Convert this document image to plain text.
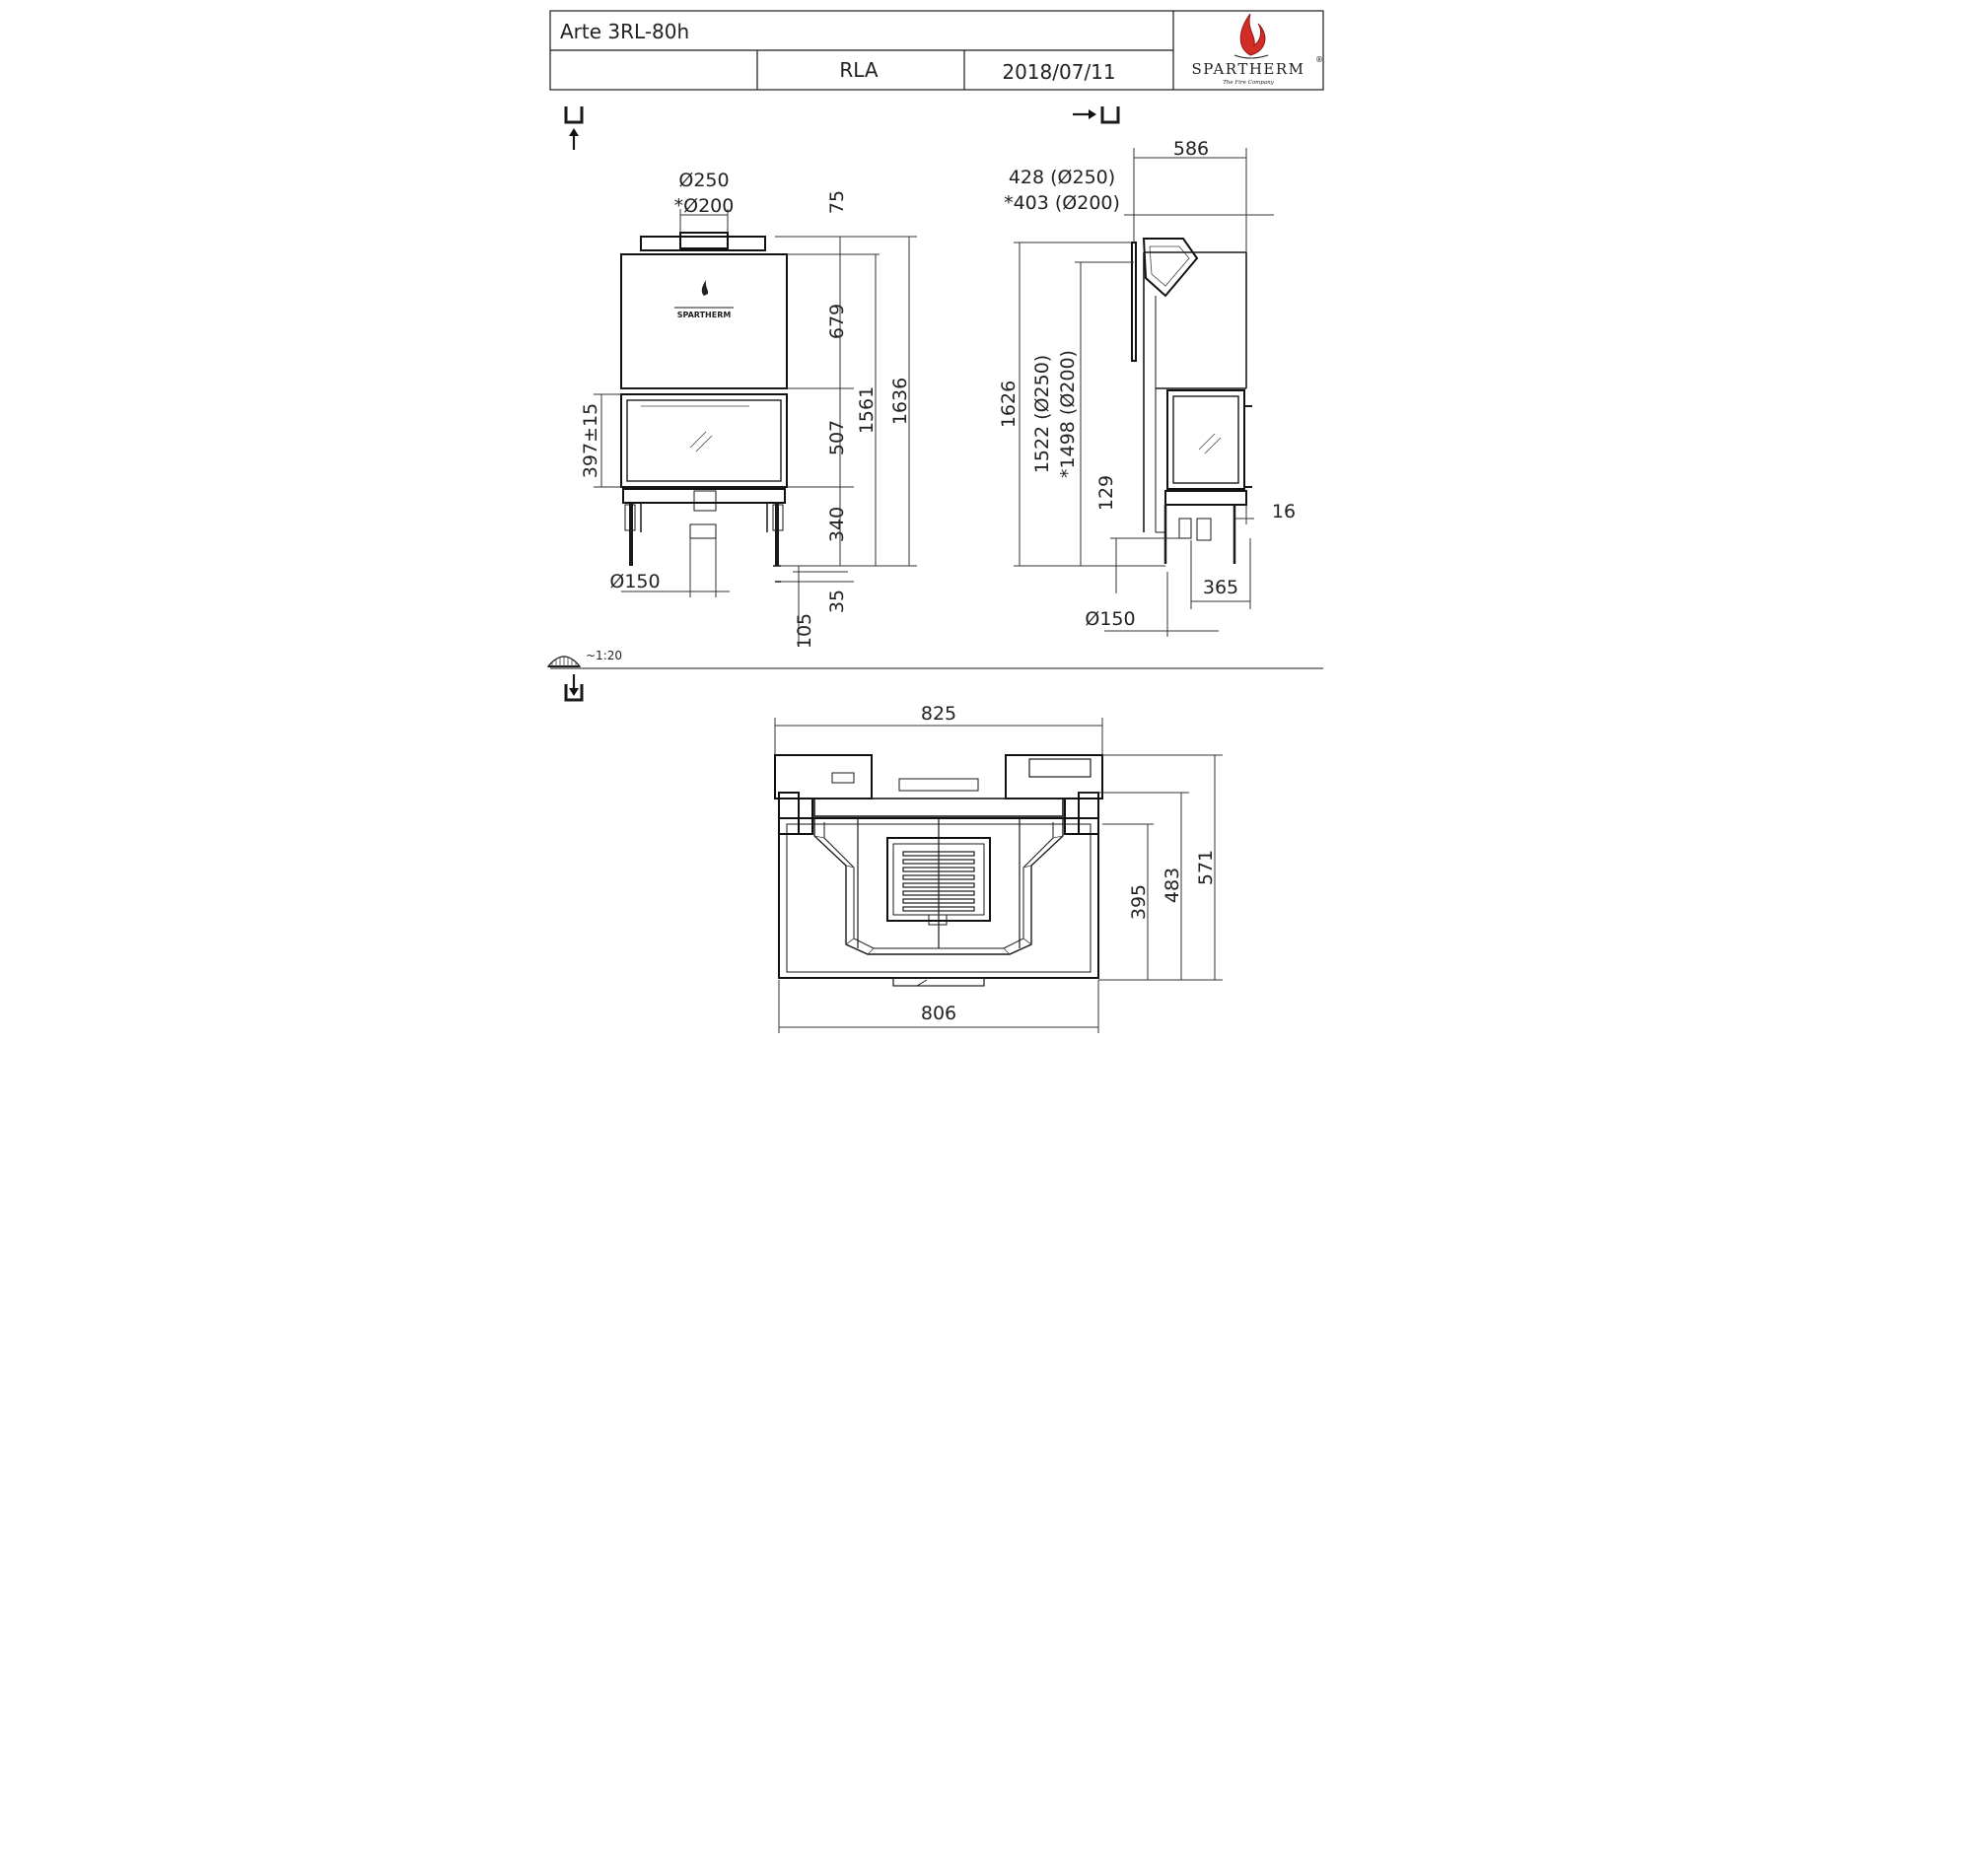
Arte 3RL-80h
RLA	2018/07/11	SPARTHERM
®
The Fire Company
~1:20
SPARTHERM
Ø250
*Ø200	75
679
507
340
35
105
1561 1636
397±15
Ø150
586
428 (Ø250)
*403 (Ø200)
1626 1522 (Ø250) *1498 (Ø200)
129
16
365
Ø150
825
806
395 483 571
